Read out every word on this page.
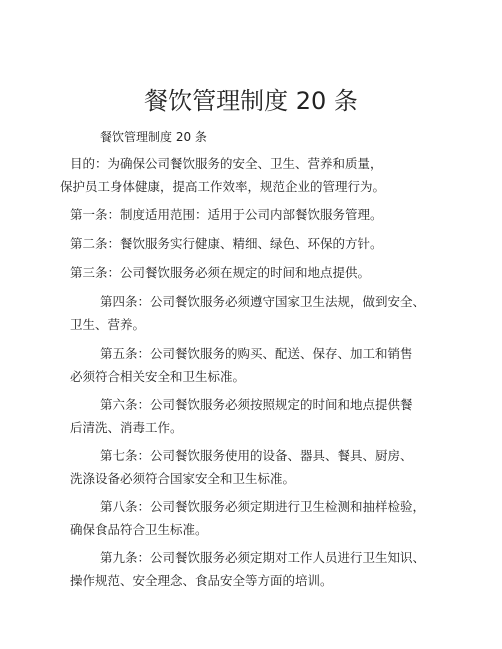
餐饮管理制度 20 条
餐饮管理制度 20 条

目的：为确保公司餐饮服务的安全、卫生、营养和质量，
保护员工身体健康，提高工作效率，规范企业的管理行为。

第一条：制度适用范围：适用于公司内部餐饮服务管理。

第二条：餐饮服务实行健康、精细、绿色、环保的方针。

第三条：公司餐饮服务必须在规定的时间和地点提供。

第四条：公司餐饮服务必须遵守国家卫生法规，做到安全、
卫生、营养。

第五条：公司餐饮服务的购买、配送、保存、加工和销售
必须符合相关安全和卫生标准。

第六条：公司餐饮服务必须按照规定的时间和地点提供餐
后清洗、消毒工作。

第七条：公司餐饮服务使用的设备、器具、餐具、厨房、
洗涤设备必须符合国家安全和卫生标准。

第八条：公司餐饮服务必须定期进行卫生检测和抽样检验，
确保食品符合卫生标准。

第九条：公司餐饮服务必须定期对工作人员进行卫生知识、
操作规范、安全理念、食品安全等方面的培训。
